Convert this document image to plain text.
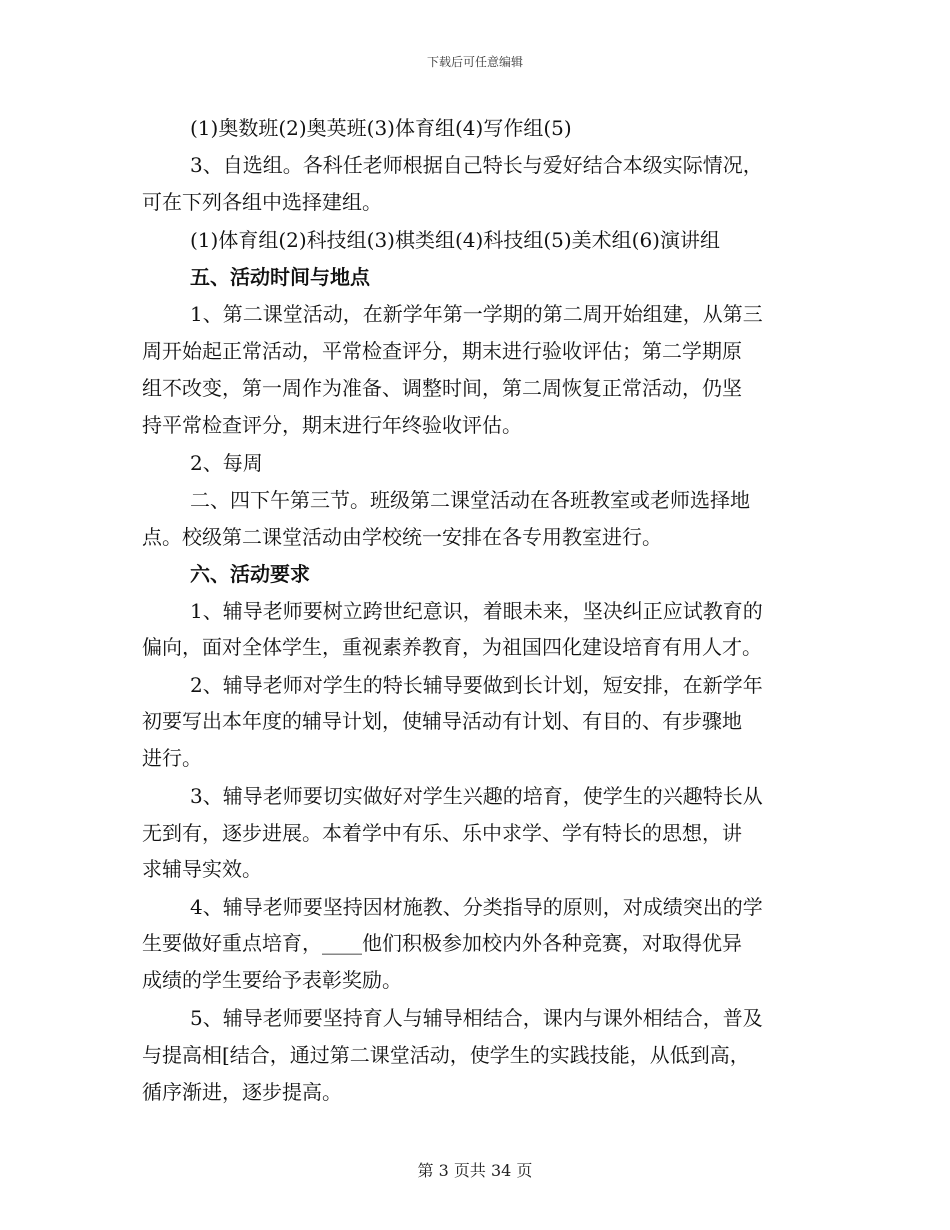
下载后可任意编辑
(1)奥数班(2)奥英班(3)体育组(4)写作组(5)
3、自选组。各科任老师根据自己特长与爱好结合本级实际情况，
可在下列各组中选择建组。
(1)体育组(2)科技组(3)棋类组(4)科技组(5)美术组(6)演讲组
五、活动时间与地点
1、第二课堂活动，在新学年第一学期的第二周开始组建，从第三
周开始起正常活动，平常检查评分，期末进行验收评估；第二学期原
组不改变，第一周作为准备、调整时间，第二周恢复正常活动，仍坚
持平常检查评分，期末进行年终验收评估。
2、每周
二、四下午第三节。班级第二课堂活动在各班教室或老师选择地
点。校级第二课堂活动由学校统一安排在各专用教室进行。
六、活动要求
1、辅导老师要树立跨世纪意识，着眼未来，坚决纠正应试教育的
偏向，面对全体学生，重视素养教育，为祖国四化建设培育有用人才。
2、辅导老师对学生的特长辅导要做到长计划，短安排，在新学年
初要写出本年度的辅导计划，使辅导活动有计划、有目的、有步骤地
进行。
3、辅导老师要切实做好对学生兴趣的培育，使学生的兴趣特长从
无到有，逐步进展。本着学中有乐、乐中求学、学有特长的思想，讲
求辅导实效。
4、辅导老师要坚持因材施教、分类指导的原则，对成绩突出的学
生要做好重点培育，____他们积极参加校内外各种竞赛，对取得优异
成绩的学生要给予表彰奖励。
5、辅导老师要坚持育人与辅导相结合，课内与课外相结合，普及
与提高相[结合，通过第二课堂活动，使学生的实践技能，从低到高，
循序渐进，逐步提高。
第 3 页共 34 页
